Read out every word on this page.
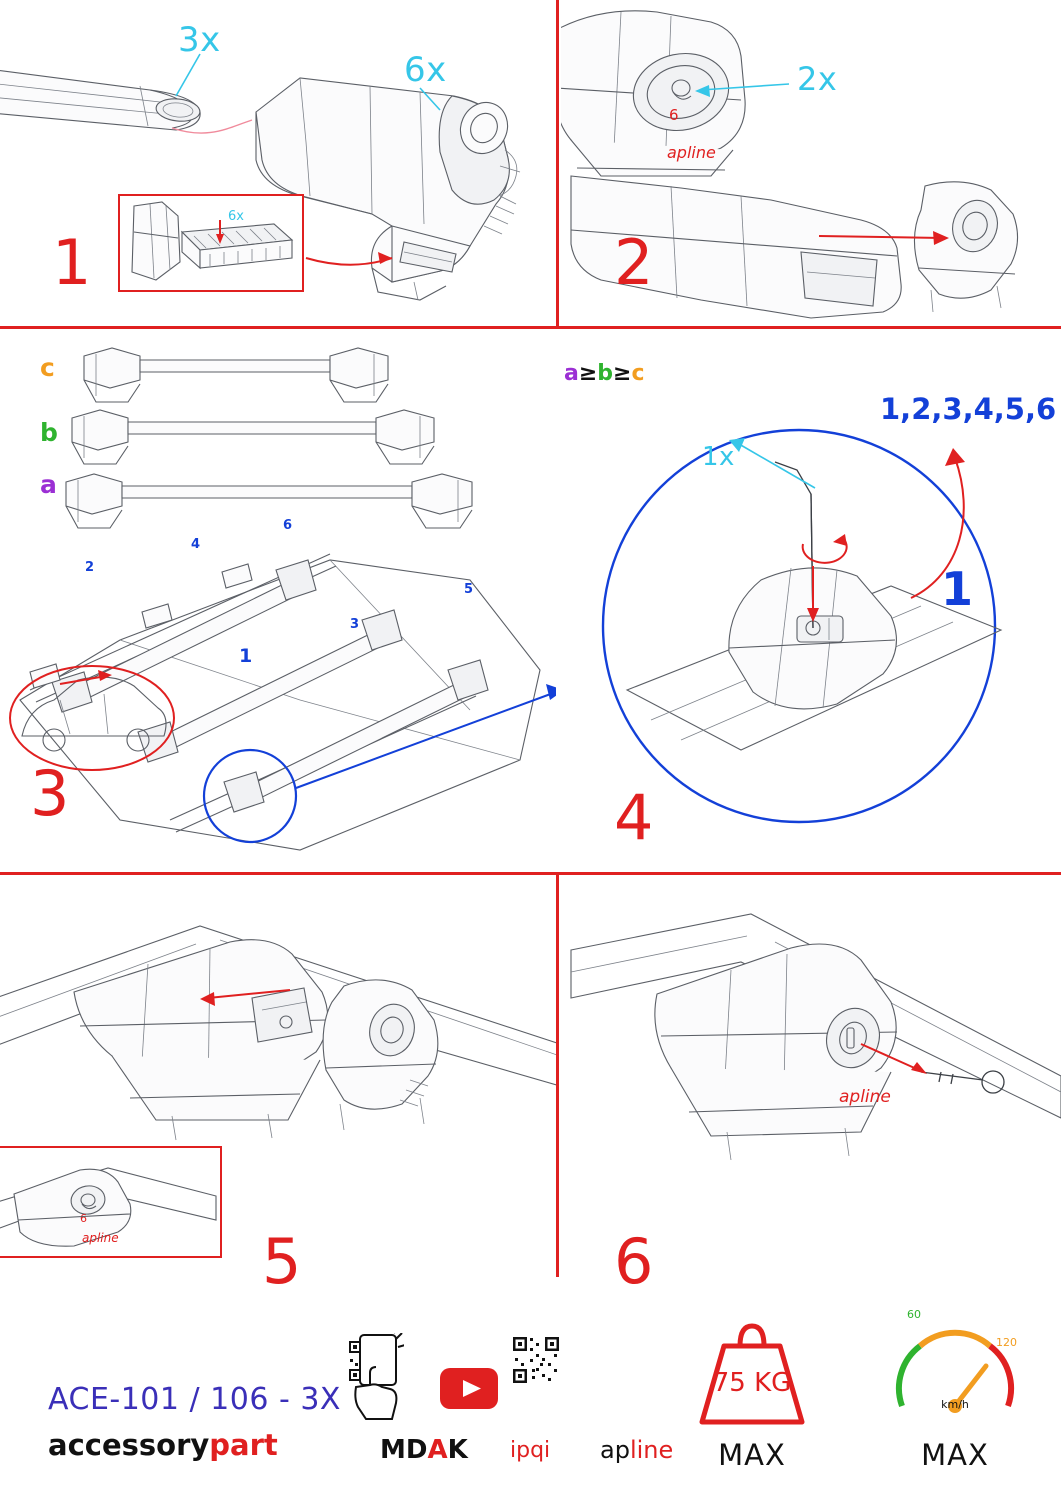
6x
3x
6x
1
6
apline
2x
2
a
b
c	a≥b≥c
2
4
6
3
5
1
3
1x
1,2,3,4,5,6
1
4
6
apline 5
apline
6
ACE-101 / 106 - 3X
accessorypart	MDAK ipqi apline
75 KG
MAX
60
120
km/h
MAX
